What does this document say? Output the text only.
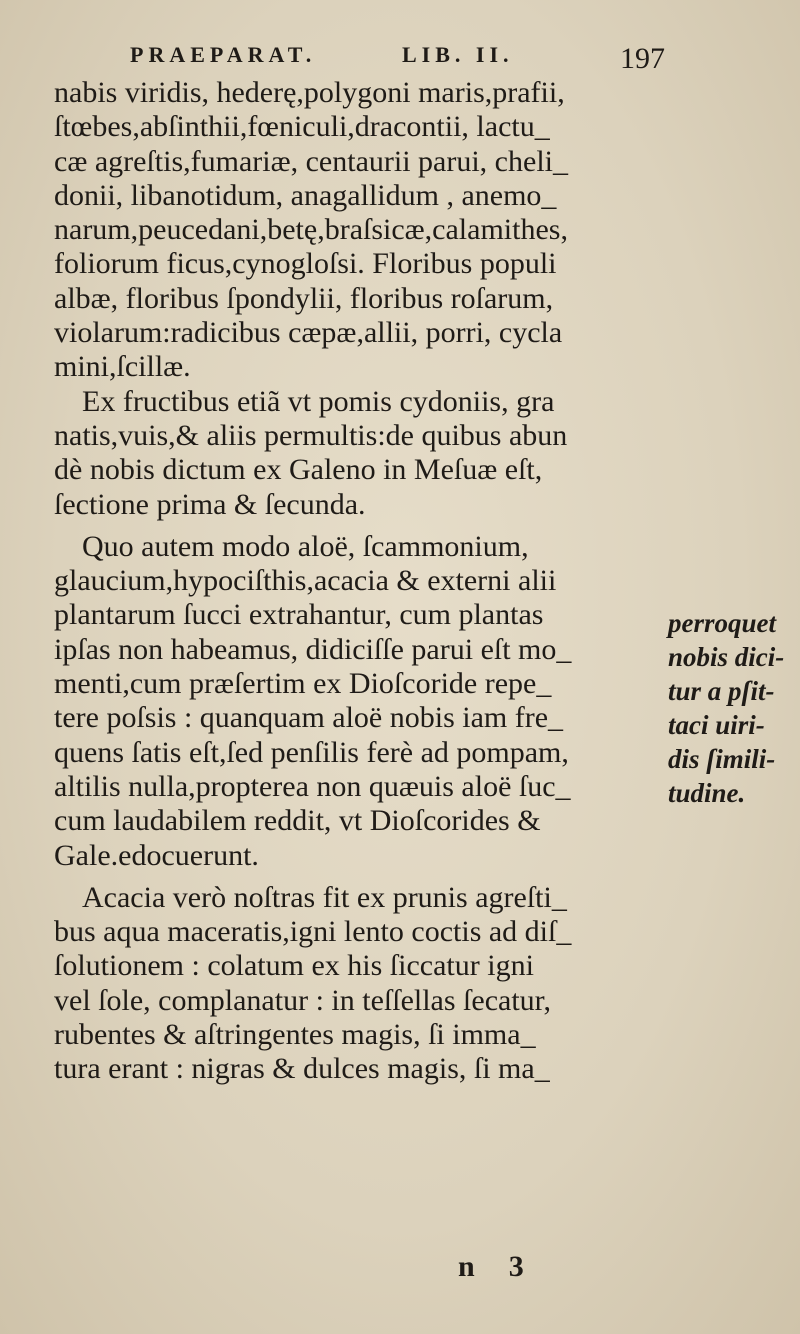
PRAEPARAT.	LIB. II.	197
nabis viridis, hederę,polygoni maris,prafii,
ſtœbes,abſinthii,fœniculi,dracontii, lactu_
cæ agreſtis,fumariæ, centaurii parui, cheli_
donii, libanotidum, anagallidum , anemo_
narum,peucedani,betę,braſsicæ,calamithes,
foliorum ficus,cynogloſsi. Floribus populi
albæ, floribus ſpondylii, floribus roſarum,
violarum:radicibus cæpæ,allii, porri, cycla
mini,ſcillæ.
Ex fructibus etiã vt pomis cydoniis, gra
natis,vuis,& aliis permultis:de quibus abun
dè nobis dictum ex Galeno in Meſuæ eſt,
ſectione prima & ſecunda.
Quo autem modo aloë, ſcammonium,
glaucium,hypociſthis,acacia & externi alii
plantarum ſucci extrahantur, cum plantas
ipſas non habeamus, didiciſſe parui eſt mo_
menti,cum præſertim ex Dioſcoride repe_
tere poſsis : quanquam aloë nobis iam fre_
quens ſatis eſt,ſed penſilis ferè ad pompam,
altilis nulla,propterea non quæuis aloë ſuc_
cum laudabilem reddit, vt Dioſcorides &
Gale.edocuerunt.
Acacia verò noſtras fit ex prunis agreſti_
bus aqua maceratis,igni lento coctis ad diſ_
ſolutionem : colatum ex his ſiccatur igni
vel ſole, complanatur : in teſſellas ſecatur,
rubentes & aſtringentes magis, ſi imma_
tura erant : nigras & dulces magis, ſi ma_
perroquet
nobis dici-
tur a pſit-
taci uiri-
dis ſimili-
tudine.
n 3
